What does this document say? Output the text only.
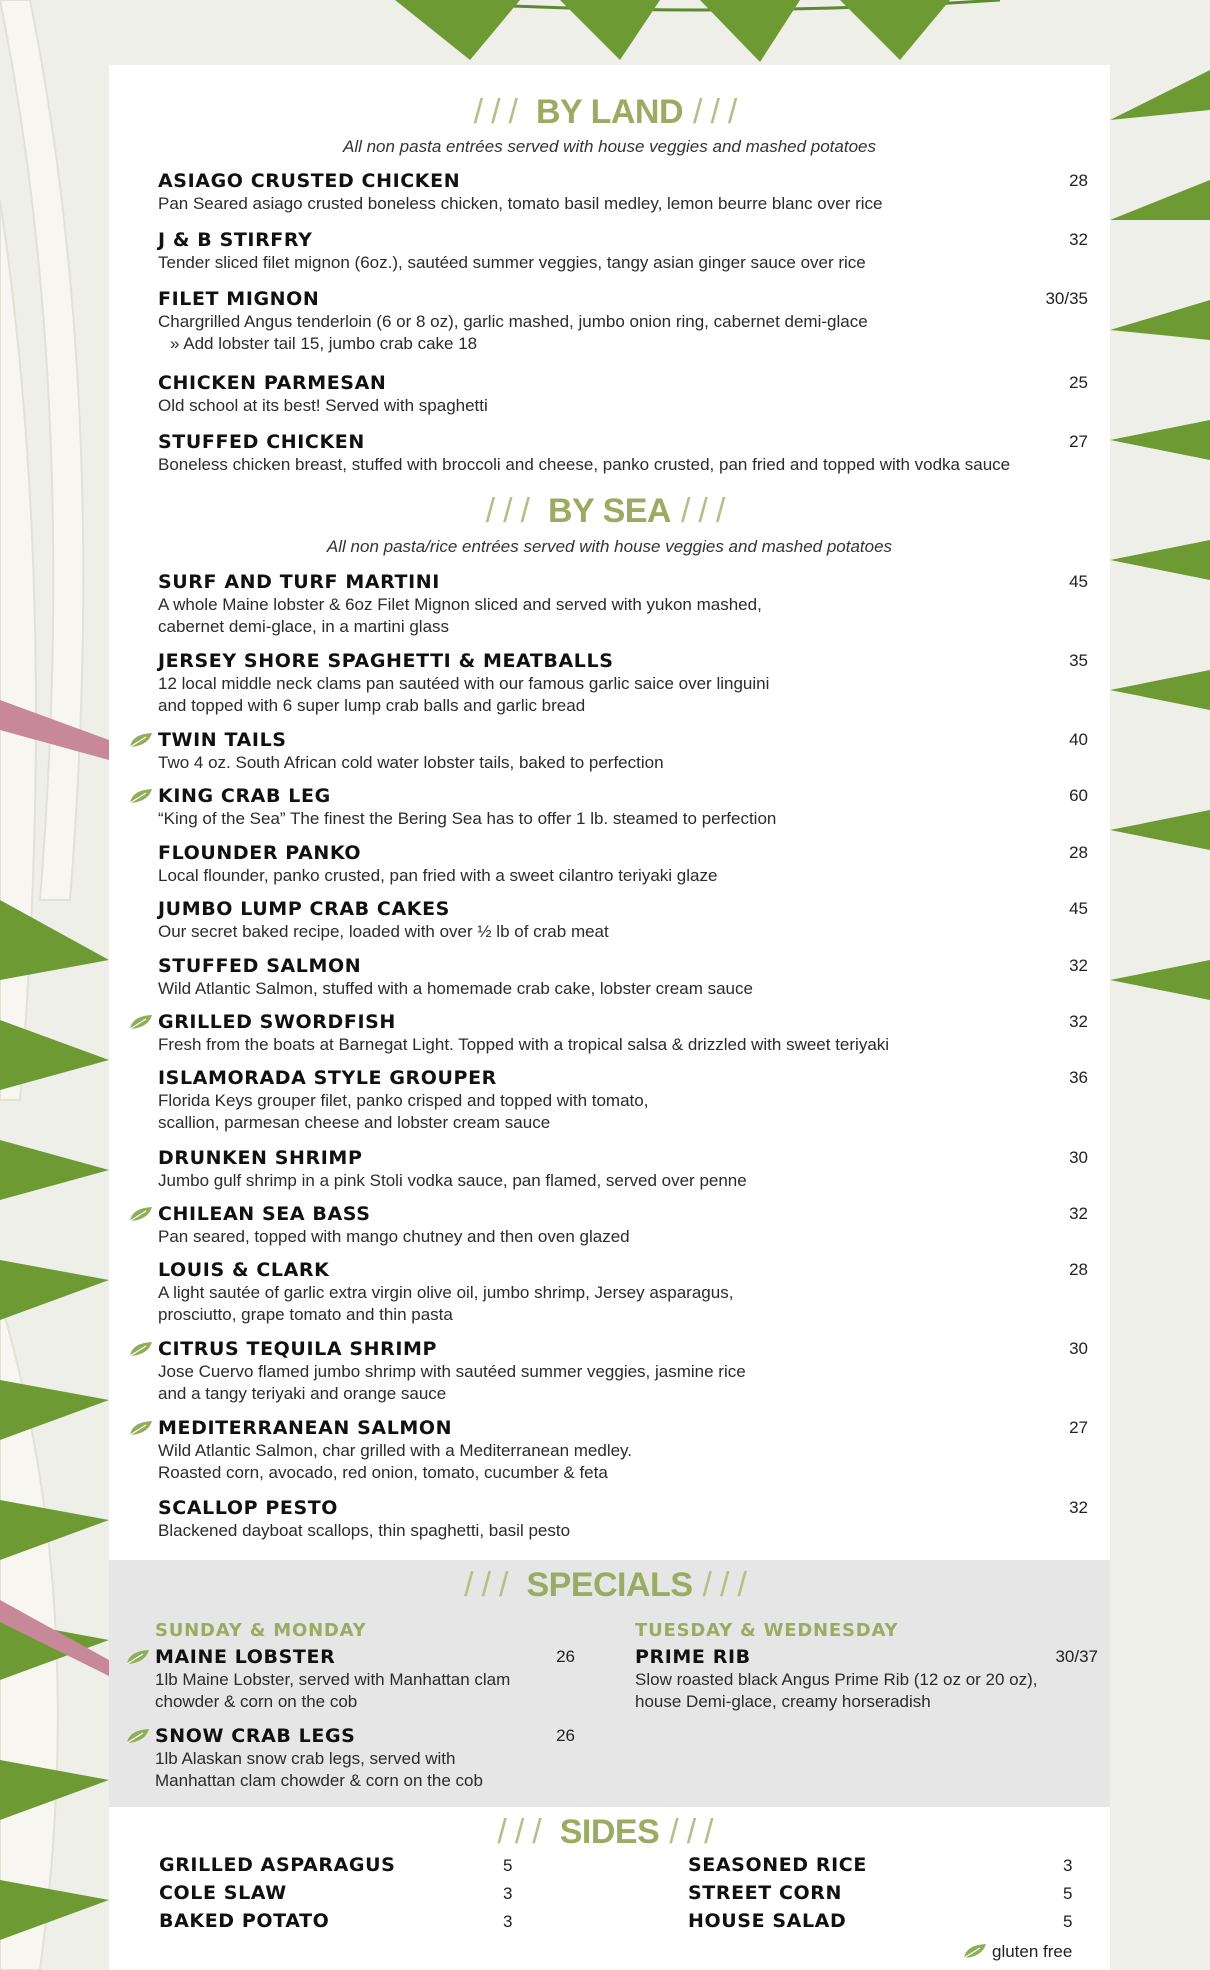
/// BY LAND ///
All non pasta entrées served with house veggies and mashed potatoes
ASIAGO CRUSTED CHICKEN	28
Pan Seared asiago crusted boneless chicken, tomato basil medley, lemon beurre blanc over rice
J & B STIRFRY	32
Tender sliced filet mignon (6oz.), sautéed summer veggies, tangy asian ginger sauce over rice
FILET MIGNON	30/35
Chargrilled Angus tenderloin (6 or 8 oz), garlic mashed, jumbo onion ring, cabernet demi-glace
» Add lobster tail 15, jumbo crab cake 18
CHICKEN PARMESAN	25
Old school at its best! Served with spaghetti
STUFFED CHICKEN	27
Boneless chicken breast, stuffed with broccoli and cheese, panko crusted, pan fried and topped with vodka sauce
/// BY SEA ///
All non pasta/rice entrées served with house veggies and mashed potatoes
SURF AND TURF MARTINI	45
A whole Maine lobster & 6oz Filet Mignon sliced and served with yukon mashed,
cabernet demi-glace, in a martini glass
JERSEY SHORE SPAGHETTI & MEATBALLS	35
12 local middle neck clams pan sautéed with our famous garlic saice over linguini
and topped with 6 super lump crab balls and garlic bread
TWIN TAILS	40
Two 4 oz. South African cold water lobster tails, baked to perfection
KING CRAB LEG	60
“King of the Sea” The finest the Bering Sea has to offer 1 lb. steamed to perfection
FLOUNDER PANKO	28
Local flounder, panko crusted, pan fried with a sweet cilantro teriyaki glaze
JUMBO LUMP CRAB CAKES	45
Our secret baked recipe, loaded with over ½ lb of crab meat
STUFFED SALMON	32
Wild Atlantic Salmon, stuffed with a homemade crab cake, lobster cream sauce
GRILLED SWORDFISH	32
Fresh from the boats at Barnegat Light. Topped with a tropical salsa & drizzled with sweet teriyaki
ISLAMORADA STYLE GROUPER	36
Florida Keys grouper filet, panko crisped and topped with tomato,
scallion, parmesan cheese and lobster cream sauce
DRUNKEN SHRIMP	30
Jumbo gulf shrimp in a pink Stoli vodka sauce, pan flamed, served over penne
CHILEAN SEA BASS	32
Pan seared, topped with mango chutney and then oven glazed
LOUIS & CLARK	28
A light sautée of garlic extra virgin olive oil, jumbo shrimp, Jersey asparagus,
prosciutto, grape tomato and thin pasta
CITRUS TEQUILA SHRIMP	30
Jose Cuervo flamed jumbo shrimp with sautéed summer veggies, jasmine rice
and a tangy teriyaki and orange sauce
MEDITERRANEAN SALMON	27
Wild Atlantic Salmon, char grilled with a Mediterranean medley.
Roasted corn, avocado, red onion, tomato, cucumber & feta
SCALLOP PESTO	32
Blackened dayboat scallops, thin spaghetti, basil pesto
/// SPECIALS ///
SUNDAY & MONDAY	TUESDAY & WEDNESDAY
MAINE LOBSTER	26
1lb Maine Lobster, served with Manhattan clam
chowder & corn on the cob
SNOW CRAB LEGS	26
1lb Alaskan snow crab legs, served with
Manhattan clam chowder & corn on the cob
PRIME RIB	30/37
Slow roasted black Angus Prime Rib (12 oz or 20 oz),
house Demi-glace, creamy horseradish
/// SIDES ///
GRILLED ASPARAGUS	5
COLE SLAW	3
BAKED POTATO	3
SEASONED RICE	3
STREET CORN	5
HOUSE SALAD	5
gluten free
